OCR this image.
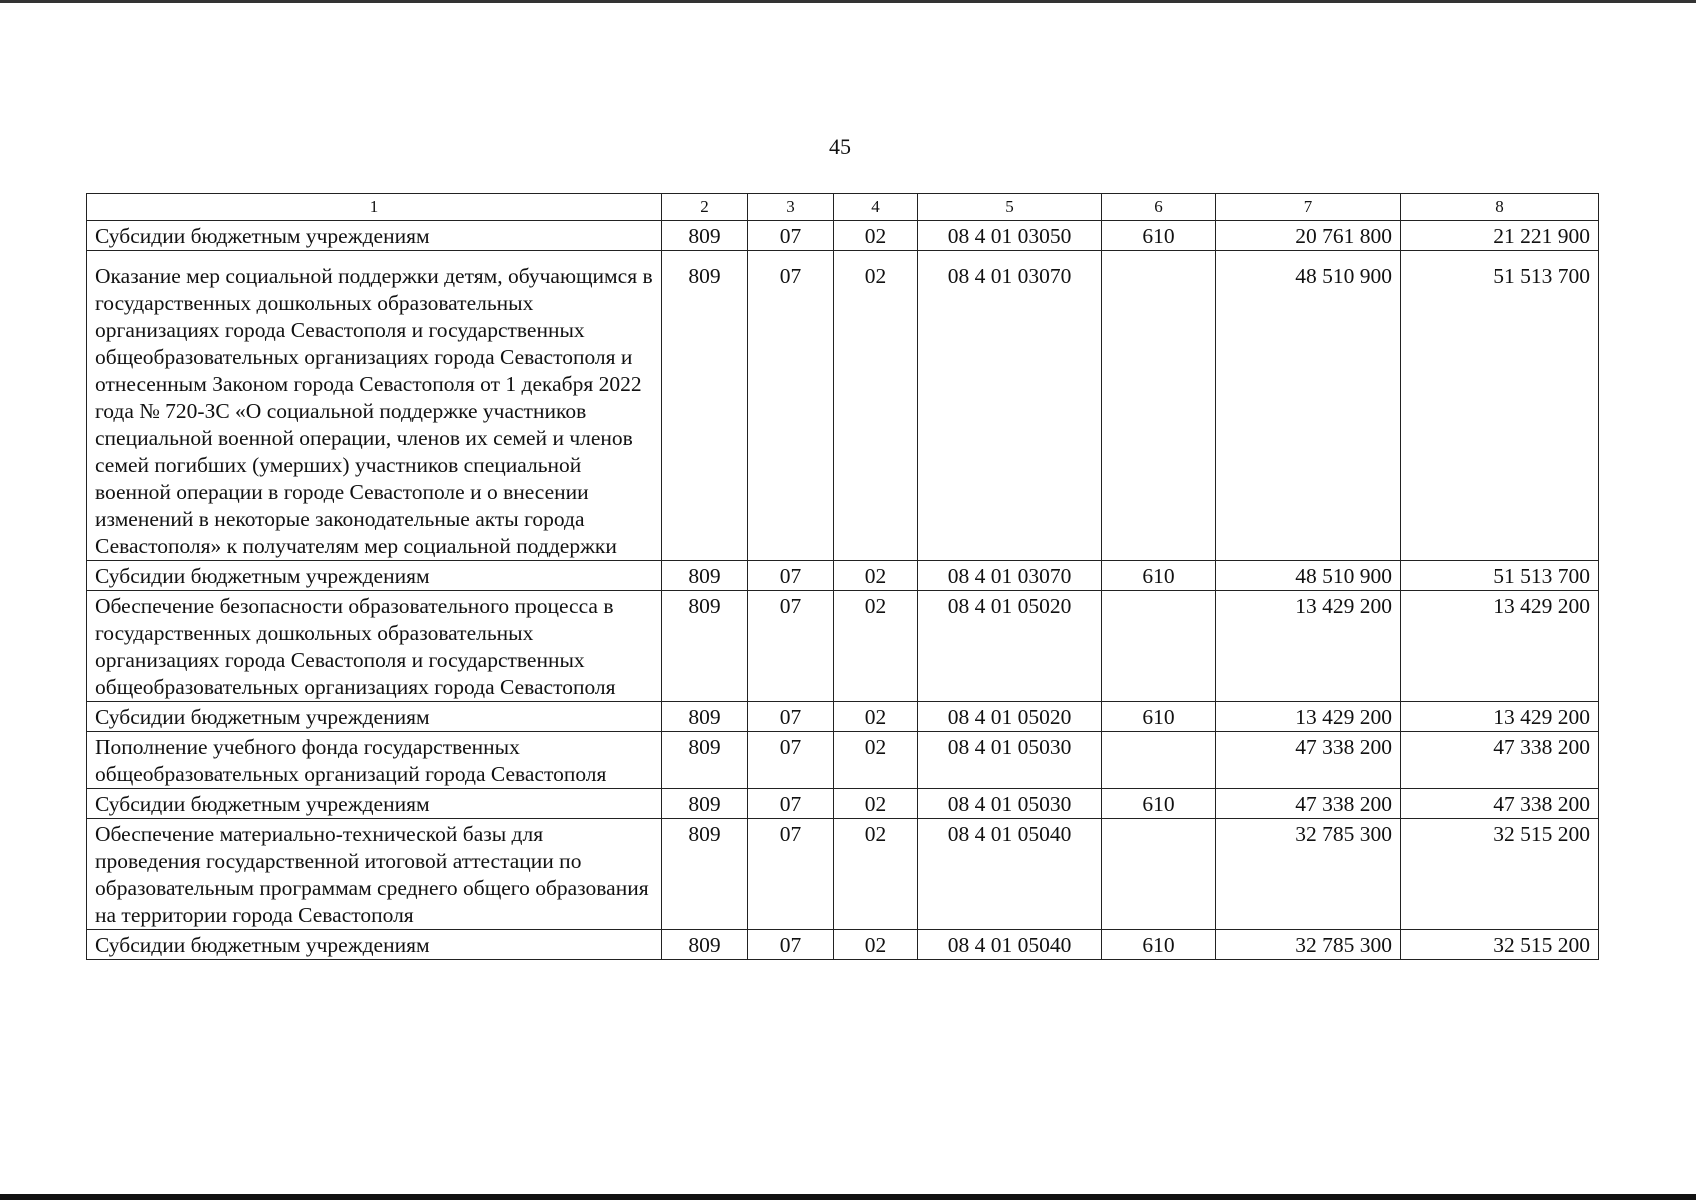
45
1	2	3	4	5	6	7	8
Субсидии бюджетным учреждениям	809	07	02	08 4 01 03050	610	20 761 800	21 221 900
Оказание мер социальной поддержки детям, обучающимся в государственных дошкольных образовательных организациях города Севастополя и государственных общеобразовательных организациях города Севастополя и отнесенным Законом города Севастополя от 1 декабря 2022 года № 720-ЗС «О социальной поддержке участников специальной военной операции, членов их семей и членов семей погибших (умерших) участников специальной военной операции в городе Севастополе и о внесении изменений в некоторые законодательные акты города Севастополя» к получателям мер социальной поддержки	809	07	02	08 4 01 03070		48 510 900	51 513 700
Субсидии бюджетным учреждениям	809	07	02	08 4 01 03070	610	48 510 900	51 513 700
Обеспечение безопасности образовательного процесса в государственных дошкольных образовательных организациях города Севастополя и государственных общеобразовательных организациях города Севастополя	809	07	02	08 4 01 05020		13 429 200	13 429 200
Субсидии бюджетным учреждениям	809	07	02	08 4 01 05020	610	13 429 200	13 429 200
Пополнение учебного фонда государственных общеобразовательных организаций города Севастополя	809	07	02	08 4 01 05030		47 338 200	47 338 200
Субсидии бюджетным учреждениям	809	07	02	08 4 01 05030	610	47 338 200	47 338 200
Обеспечение материально-технической базы для проведения государственной итоговой аттестации по образовательным программам среднего общего образования на территории города Севастополя	809	07	02	08 4 01 05040		32 785 300	32 515 200
Субсидии бюджетным учреждениям	809	07	02	08 4 01 05040	610	32 785 300	32 515 200
